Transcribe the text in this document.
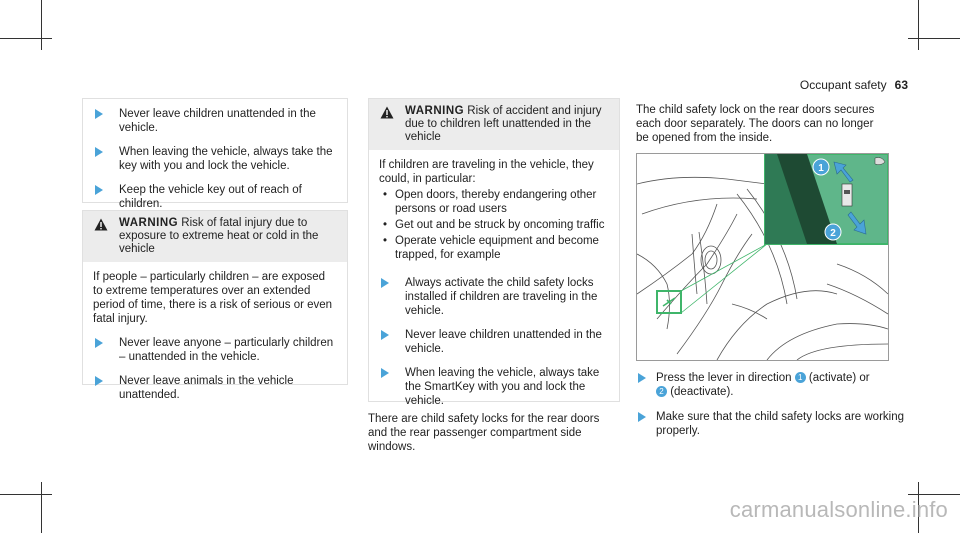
Occupant safety 63
Never leave children unattended in the vehicle.
When leaving the vehicle, always take the key with you and lock the vehicle.
Keep the vehicle key out of reach of children.
WARNING Risk of fatal injury due to exposure to extreme heat or cold in the vehicle
If people – particularly children – are exposed to extreme temperatures over an extended period of time, there is a risk of serious or even fatal injury.
Never leave anyone – particularly children – unattended in the vehicle.
Never leave animals in the vehicle unattended.
WARNING Risk of accident and injury due to children left unattended in the vehicle
If children are traveling in the vehicle, they could, in particular:
• Open doors, thereby endangering other persons or road users
• Get out and be struck by oncoming traffic
• Operate vehicle equipment and become trapped, for example
Always activate the child safety locks installed if children are traveling in the vehicle.
Never leave children unattended in the vehicle.
When leaving the vehicle, always take the SmartKey with you and lock the vehicle.
There are child safety locks for the rear doors and the rear passenger compartment side windows.
The child safety lock on the rear doors secures each door separately. The doors can no longer be opened from the inside.
1
2
Press the lever in direction 1 (activate) or
2 (deactivate).
Make sure that the child safety locks are working properly.
carmanualsonline.info
